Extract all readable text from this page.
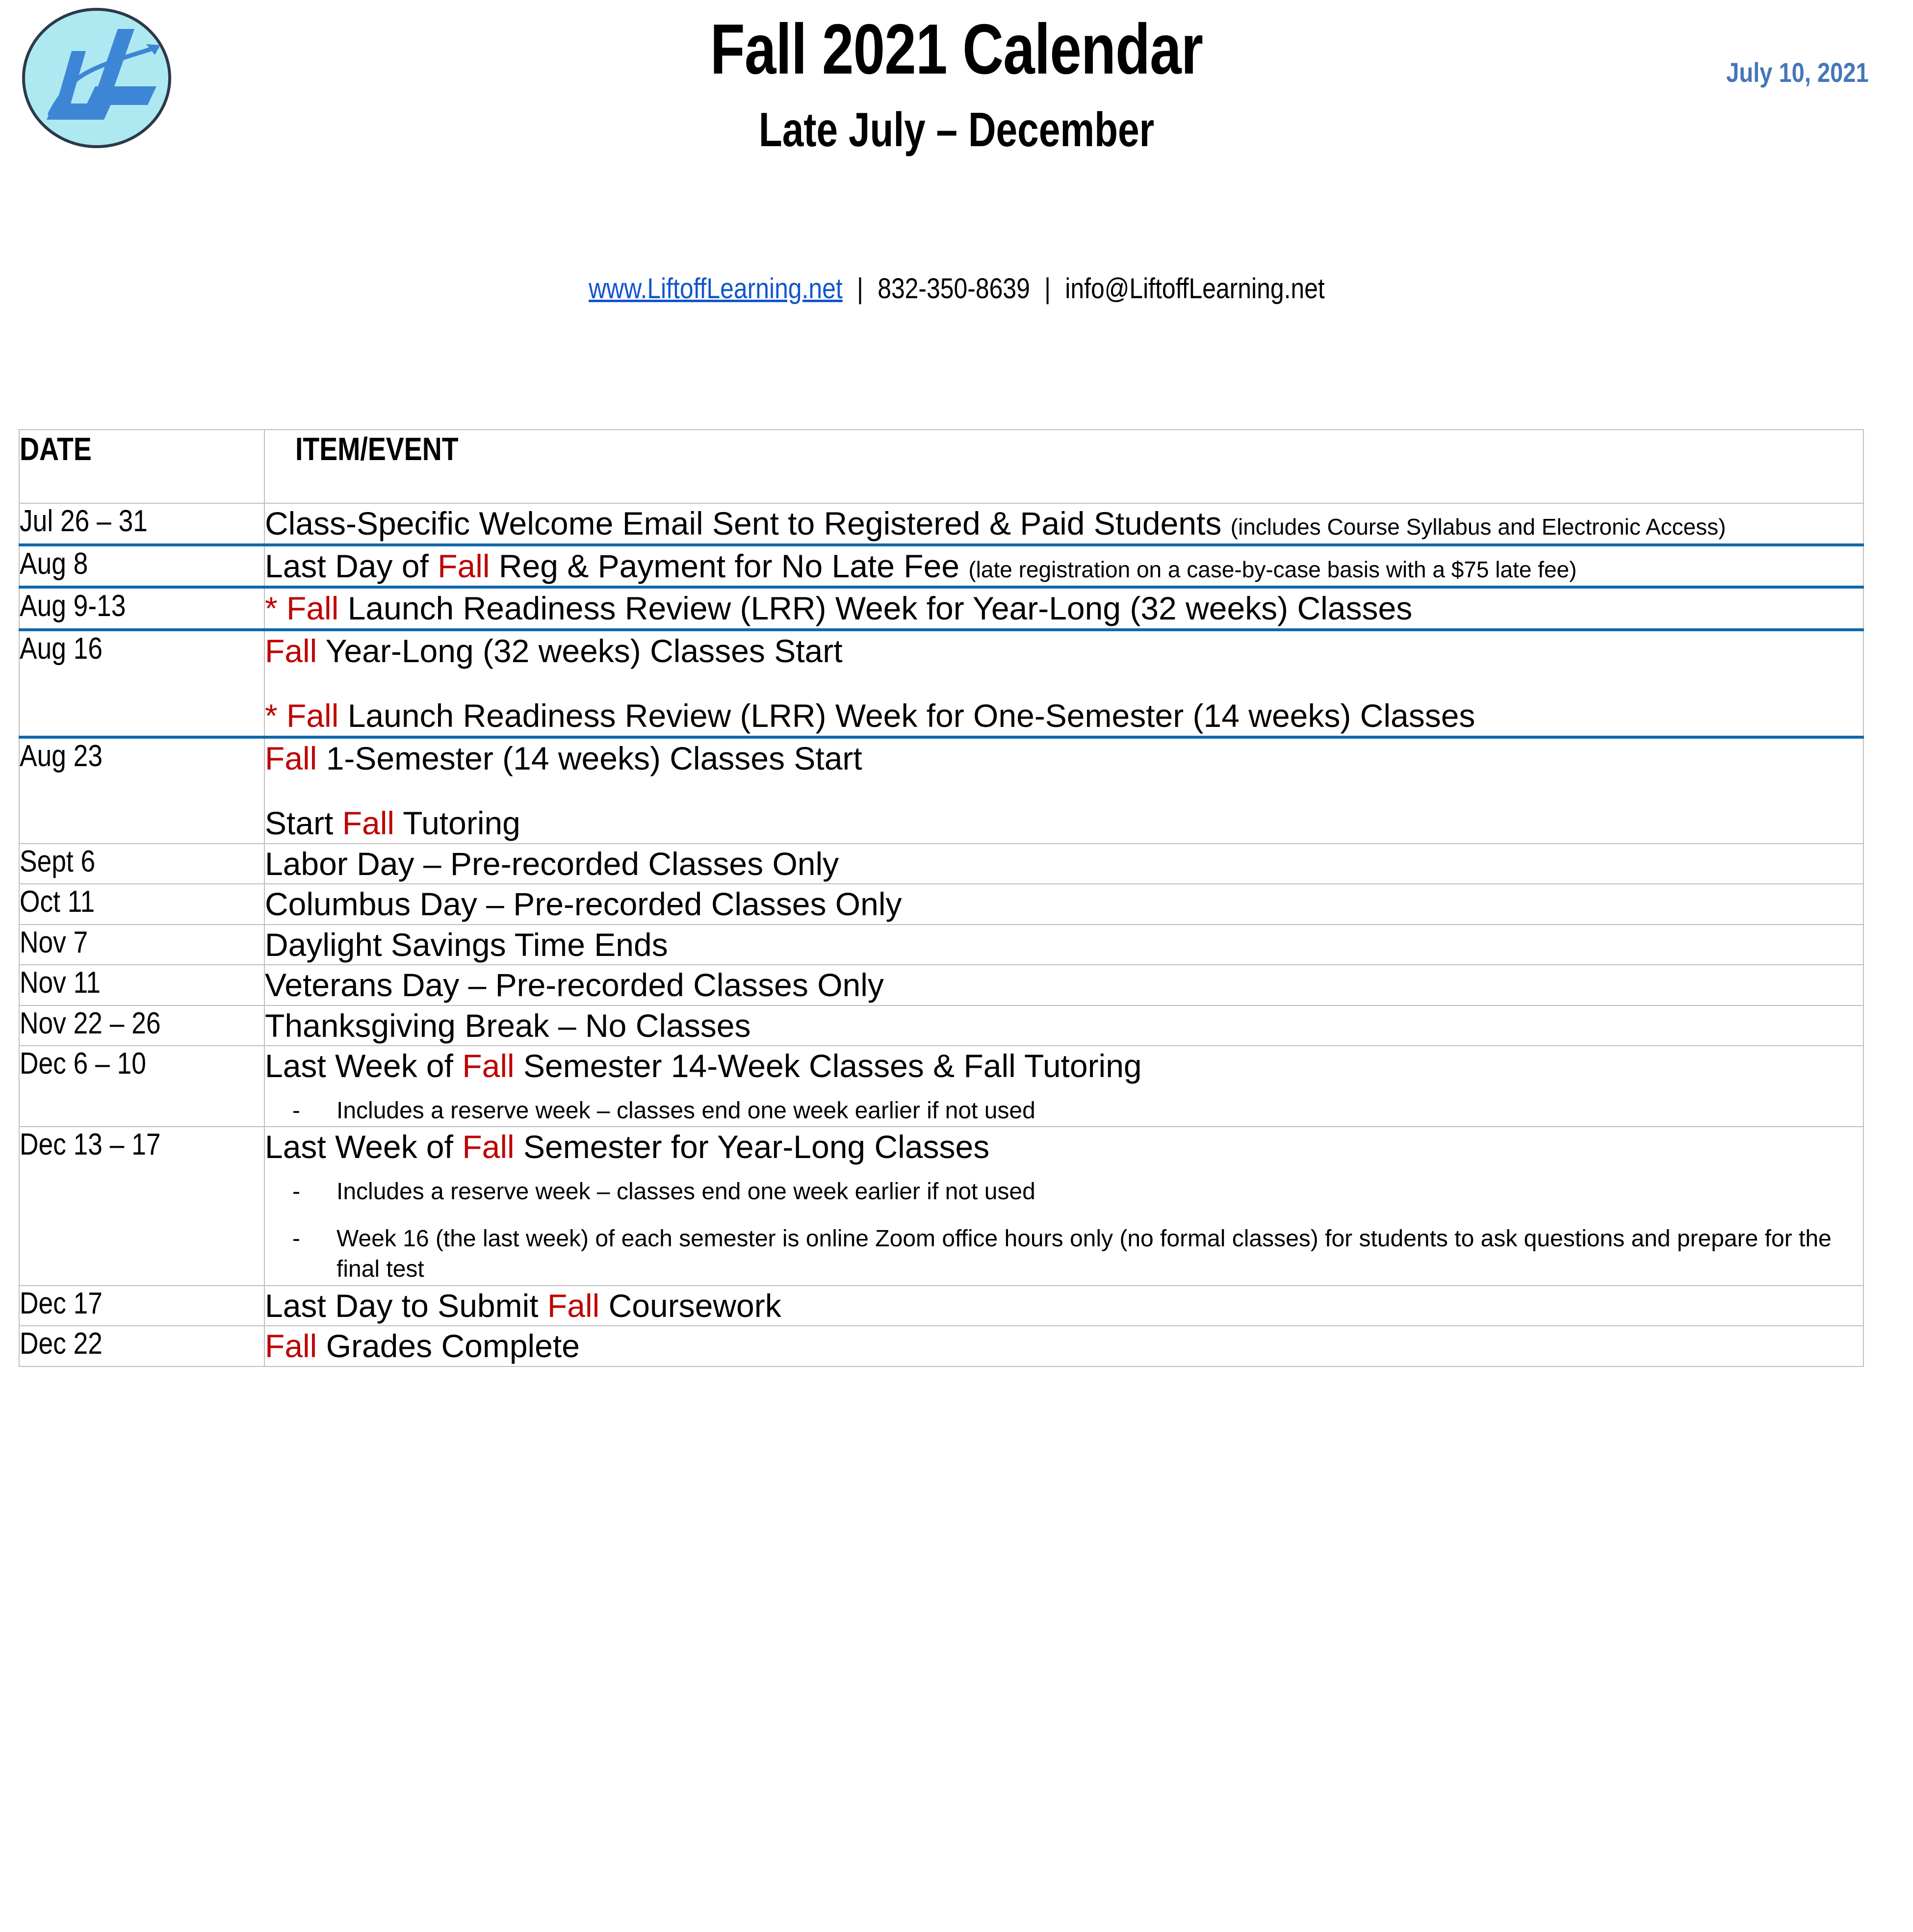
Fall 2021 Calendar
Late July – December
July 10, 2021
www.LiftoffLearning.net | 832-350-8639 | info@LiftoffLearning.net
DATE	ITEM/EVENT
Jul 26 – 31	Class-Specific Welcome Email Sent to Registered & Paid Students (includes Course Syllabus and Electronic Access)

Aug 8	Last Day of Fall Reg & Payment for No Late Fee (late registration on a case-by-case basis with a $75 late fee)

Aug 9-13	* Fall Launch Readiness Review (LRR) Week for Year-Long (32 weeks) Classes

Aug 16	Fall Year-Long (32 weeks) Classes Start

* Fall Launch Readiness Review (LRR) Week for One-Semester (14 weeks) Classes

Aug 23	Fall 1-Semester (14 weeks) Classes Start

Start Fall Tutoring

Sept 6	Labor Day – Pre-recorded Classes Only

Oct 11	Columbus Day – Pre-recorded Classes Only

Nov 7	Daylight Savings Time Ends

Nov 11	Veterans Day – Pre-recorded Classes Only

Nov 22 – 26	Thanksgiving Break – No Classes

Dec 6 – 10	Last Week of Fall Semester 14-Week Classes & Fall Tutoring

- Includes a reserve week – classes end one week earlier if not used

Dec 13 – 17	Last Week of Fall Semester for Year-Long Classes

- Includes a reserve week – classes end one week earlier if not used
- Week 16 (the last week) of each semester is online Zoom office hours only (no formal classes) for students to ask questions and prepare for the final test

Dec 17	Last Day to Submit Fall Coursework

Dec 22	Fall Grades Complete
